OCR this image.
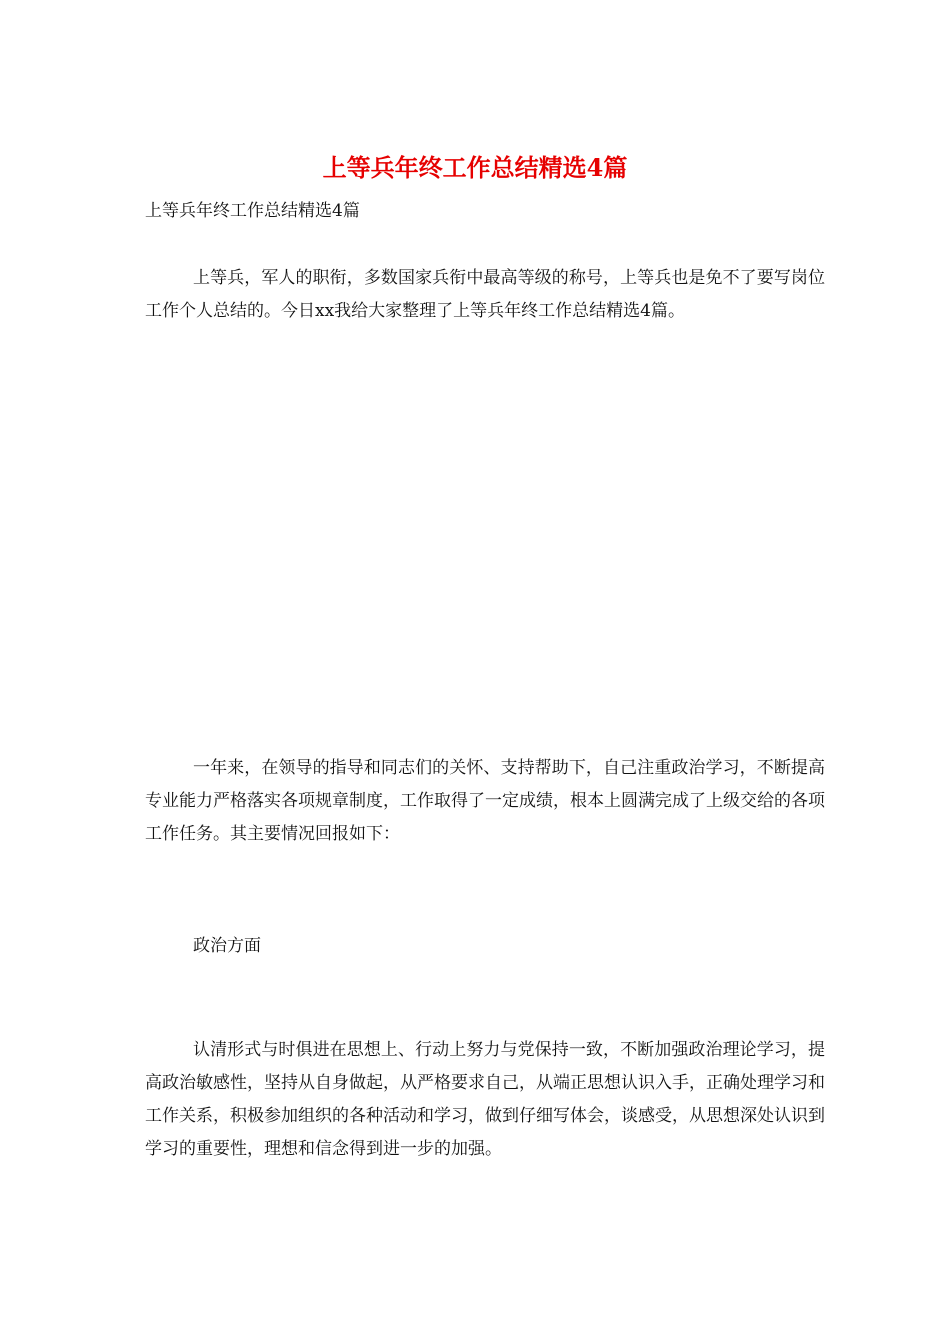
上等兵年终工作总结精选4篇

上等兵年终工作总结精选4篇

上等兵，军人的职衔，多数国家兵衔中最高等级的称号，上等兵也是免不了要写岗位工作个人总结的。今日xx我给大家整理了上等兵年终工作总结精选4篇。

一年来，在领导的指导和同志们的关怀、支持帮助下，自己注重政治学习，不断提高专业能力严格落实各项规章制度，工作取得了一定成绩，根本上圆满完成了上级交给的各项工作任务。其主要情况回报如下：

政治方面

认清形式与时俱进在思想上、行动上努力与党保持一致，不断加强政治理论学习，提高政治敏感性，坚持从自身做起，从严格要求自己，从端正思想认识入手，正确处理学习和工作关系，积极参加组织的各种活动和学习，做到仔细写体会，谈感受，从思想深处认识到学习的重要性，理想和信念得到进一步的加强。
